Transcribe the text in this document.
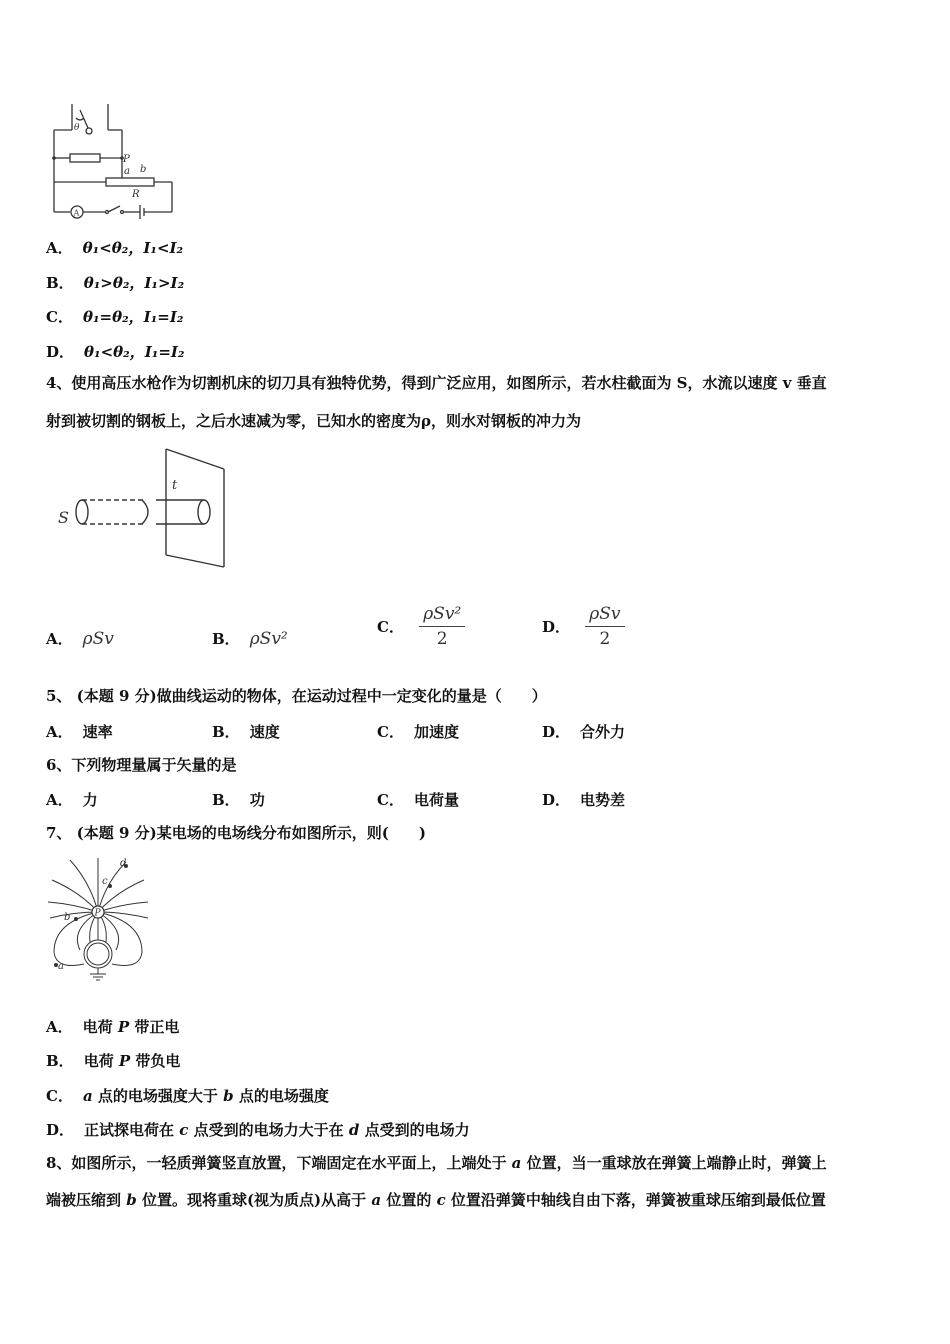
θ
P
a b
R
A
A． θ₁<θ₂，I₁<I₂
B． θ₁>θ₂，I₁>I₂
C． θ₁=θ₂，I₁=I₂
D． θ₁<θ₂，I₁=I₂
4、使用高压水枪作为切割机床的切刀具有独特优势，得到广泛应用，如图所示，若水柱截面为 S，水流以速度 v 垂直
射到被切割的钢板上，之后水速减为零，已知水的密度为ρ，则水对钢板的冲力为
S
t
A． ρSv	B． ρSv²
C． $\frac{\text{ρSv²}}{2}$	D． $\frac{\text{ρSv}}{2}$
5、 (本题 9 分)做曲线运动的物体，在运动过程中一定变化的量是（　　）
A． 速率	B． 速度	C． 加速度	D． 合外力
6、下列物理量属于矢量的是
A． 力	B． 功	C． 电荷量	D． 电势差
7、 (本题 9 分)某电场的电场线分布如图所示，则(　　)
P
a
b
c
d
A． 电荷 P 带正电
B． 电荷 P 带负电
C． a 点的电场强度大于 b 点的电场强度
D． 正试探电荷在 c 点受到的电场力大于在 d 点受到的电场力
8、如图所示，一轻质弹簧竖直放置，下端固定在水平面上，上端处于 a 位置，当一重球放在弹簧上端静止时，弹簧上
端被压缩到 b 位置。现将重球(视为质点)从高于 a 位置的 c 位置沿弹簧中轴线自由下落，弹簧被重球压缩到最低位置
